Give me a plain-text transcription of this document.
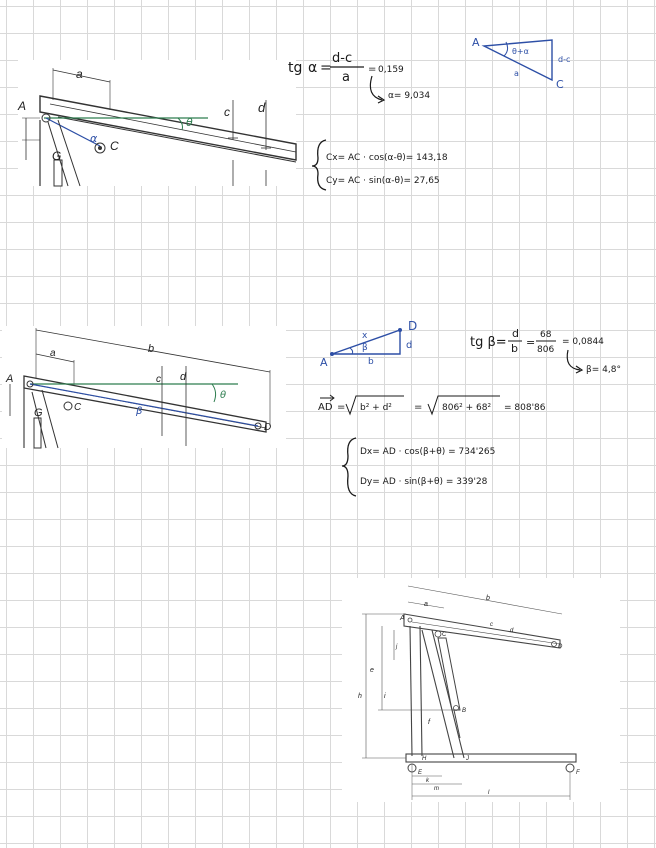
A
G
C
a
c d
θ
α
tg α =
d-c
a
= 0,159
α= 9,034
A
C
θ+α
d-c
a
Cx= AC · cos(α-θ)= 143,18
Cy= AC · sin(α-θ)= 27,65
A
D
x
β
b
d	tg β=
d
b =
68
806
= 0,0844
β= 4,8°
AD = b² + d² = 806² + 68² = 808'86
Dx= AD · cos(β+θ) = 734'265
Dy= AD · sin(β+θ) = 339'28
A
G	C
D
a	b
c d
θ
β
a
b
A
C
D
c
d
e
h	i
j
B
f
H	J
E	F
k
m
l
